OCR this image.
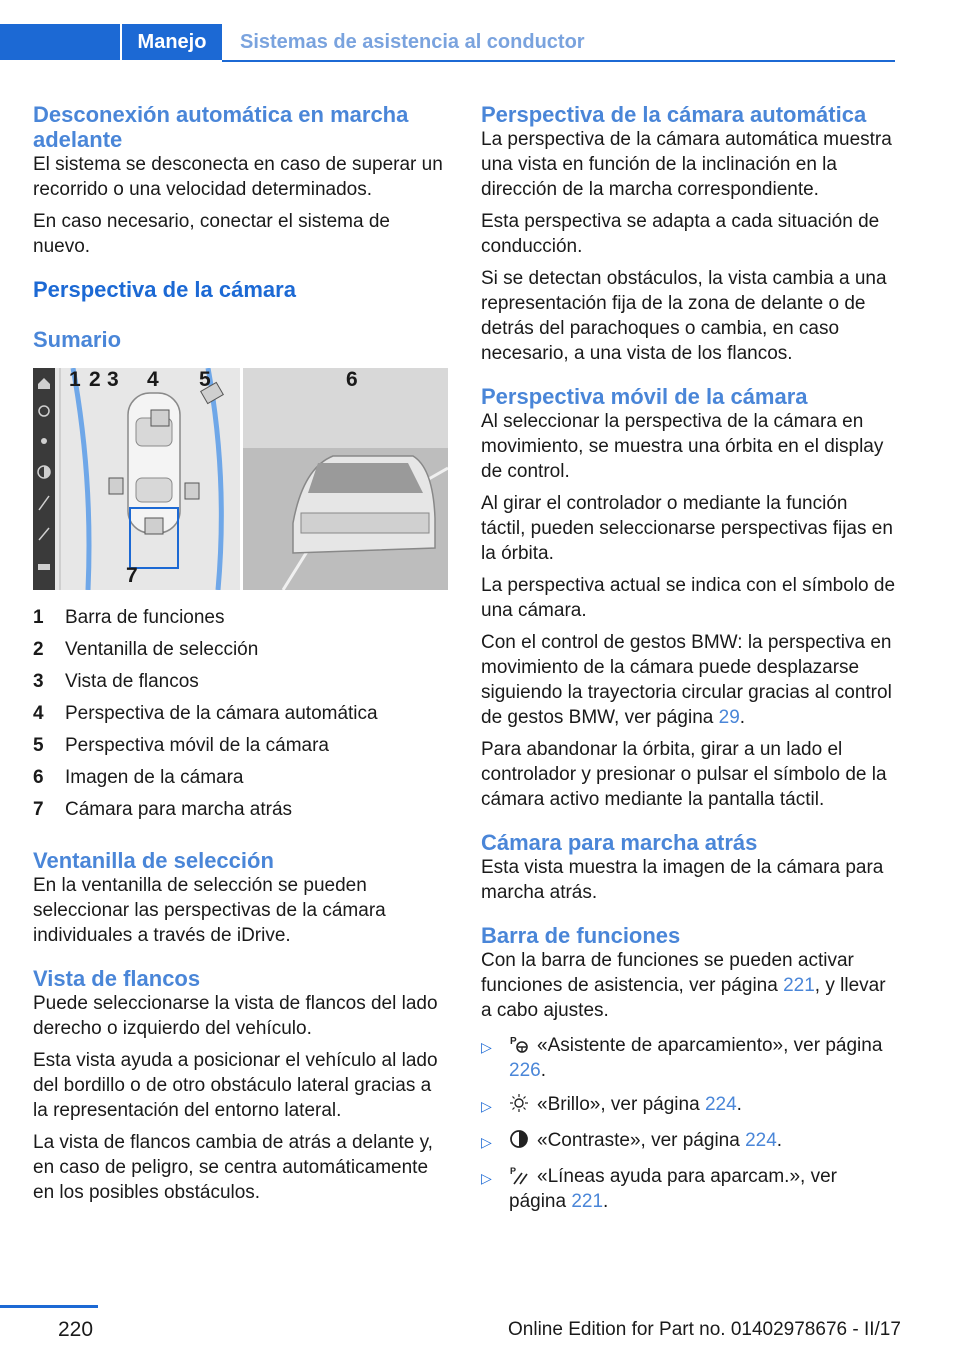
Manejo	Sistemas de asistencia al conductor
Desconexión automática en marcha adelante

El sistema se desconecta en caso de superar un recorrido o una velocidad determinados.

En caso necesario, conectar el sistema de nuevo.

Perspectiva de la cámara
Sumario
1 2 3 4 5	6
7
1	Barra de funciones
2	Ventanilla de selección
3	Vista de flancos
4	Perspectiva de la cámara automática
5	Perspectiva móvil de la cámara
6	Imagen de la cámara
7	Cámara para marcha atrás
Ventanilla de selección

En la ventanilla de selección se pueden seleccionar las perspectivas de la cámara individuales a través de iDrive.

Vista de flancos

Puede seleccionarse la vista de flancos del lado derecho o izquierdo del vehículo.

Esta vista ayuda a posicionar el vehículo al lado del bordillo o de otro obstáculo lateral gracias a la representación del entorno lateral.

La vista de flancos cambia de atrás a delante y, en caso de peligro, se centra automáticamente en los posibles obstáculos.

Perspectiva de la cámara automática

La perspectiva de la cámara automática muestra una vista en función de la inclinación en la dirección de la marcha correspondiente.

Esta perspectiva se adapta a cada situación de conducción.

Si se detectan obstáculos, la vista cambia a una representación fija de la zona de delante o de detrás del parachoques o cambia, en caso necesario, a una vista de los flancos.

Perspectiva móvil de la cámara

Al seleccionar la perspectiva de la cámara en movimiento, se muestra una órbita en el display de control.

Al girar el controlador o mediante la función táctil, pueden seleccionarse perspectivas fijas en la órbita.

La perspectiva actual se indica con el símbolo de una cámara.

Con el control de gestos BMW: la perspectiva en movimiento de la cámara puede desplazarse siguiendo la trayectoria circular gracias al control de gestos BMW, ver página 29.

Para abandonar la órbita, girar a un lado el controlador y presionar o pulsar el símbolo de la cámara activo mediante la pantalla táctil.

Cámara para marcha atrás

Esta vista muestra la imagen de la cámara para marcha atrás.

Barra de funciones

Con la barra de funciones se pueden activar funciones de asistencia, ver página 221, y llevar a cabo ajustes.

▷	P «Asistente de aparcamiento», ver página 226.
▷	«Brillo», ver página 224.
▷	«Contraste», ver página 224.
▷	P «Líneas ayuda para aparcam.», ver página 221.
220	Online Edition for Part no. 01402978676 - II/17
